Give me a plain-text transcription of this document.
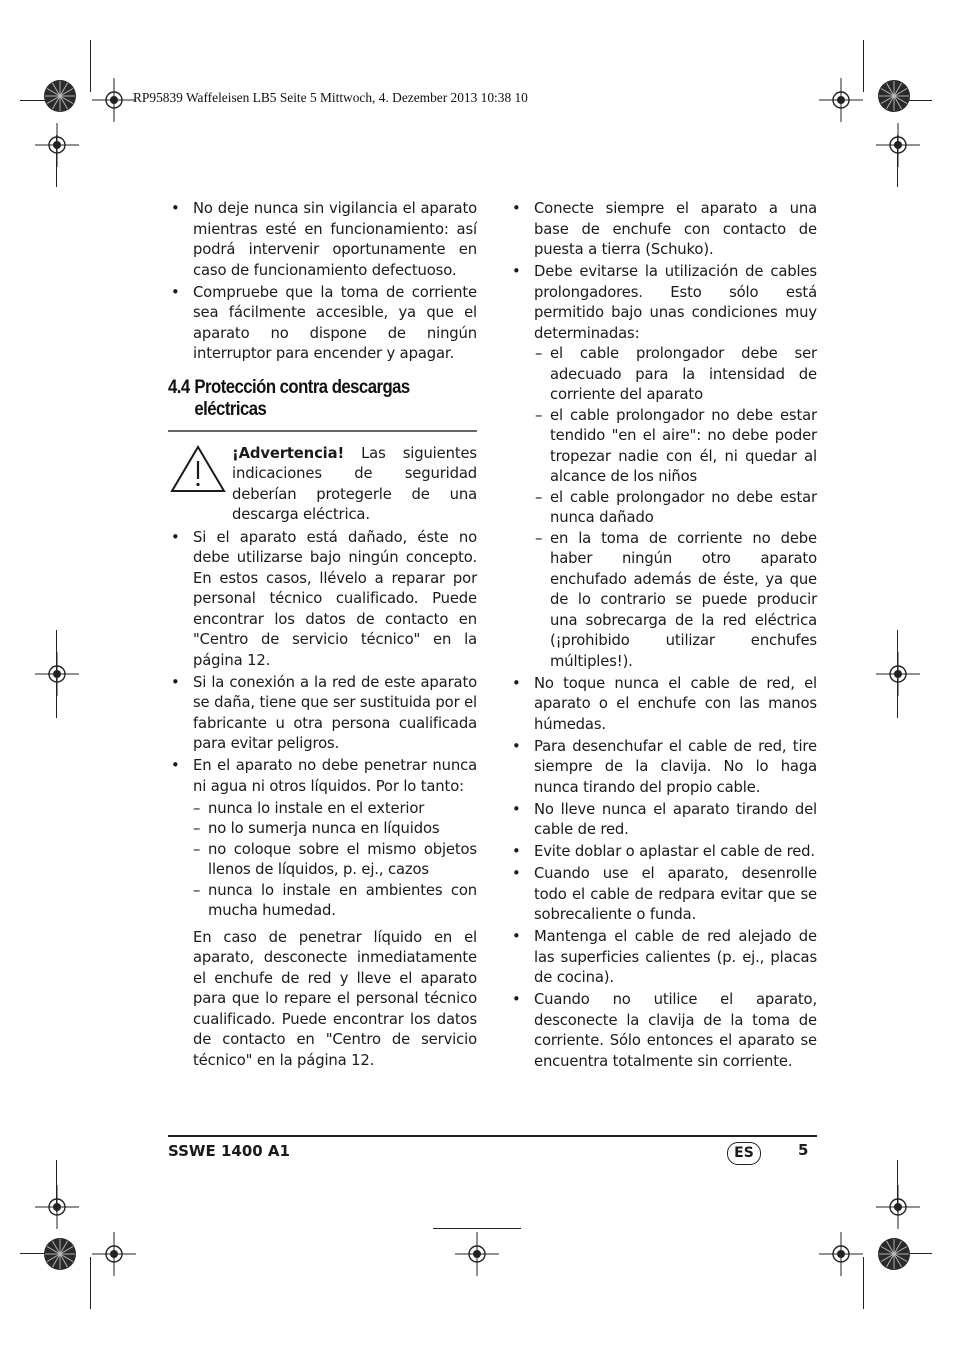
RP95839 Waffeleisen LB5 Seite 5 Mittwoch, 4. Dezember 2013 10:38 10
• No deje nunca sin vigilancia el aparato mientras esté en funcionamiento: así podrá intervenir oportunamente en caso de funcionamiento defectuoso.
• Compruebe que la toma de corriente sea fácilmente accesible, ya que el aparato no dispone de ningún interruptor para encender y apagar.
4.4 Protección contra descargas
eléctricas
¡Advertencia! Las siguientes indicaciones de seguridad deberían protegerle de una descarga eléctrica.
• Si el aparato está dañado, éste no debe utilizarse bajo ningún concepto. En estos casos, llévelo a reparar por personal técnico cualificado. Puede encontrar los datos de contacto en "Centro de servicio técnico" en la página 12.
• Si la conexión a la red de este aparato se daña, tiene que ser sustituida por el fabricante u otra persona cualificada para evitar peligros.
• En el aparato no debe penetrar nunca ni agua ni otros líquidos. Por lo tanto:
– nunca lo instale en el exterior
– no lo sumerja nunca en líquidos
– no coloque sobre el mismo objetos llenos de líquidos, p. ej., cazos
– nunca lo instale en ambientes con mucha humedad.
En caso de penetrar líquido en el aparato, desconecte inmediatamente el enchufe de red y lleve el aparato para que lo repare el personal técnico cualificado. Puede encontrar los datos de contacto en "Centro de servicio técnico" en la página 12.
• Conecte siempre el aparato a una base de enchufe con contacto de puesta a tierra (Schuko).
• Debe evitarse la utilización de cables prolongadores. Esto sólo está permitido bajo unas condiciones muy determinadas:
– el cable prolongador debe ser adecuado para la intensidad de corriente del aparato
– el cable prolongador no debe estar tendido "en el aire": no debe poder tropezar nadie con él, ni quedar al alcance de los niños
– el cable prolongador no debe estar nunca dañado
– en la toma de corriente no debe haber ningún otro aparato enchufado además de éste, ya que de lo contrario se puede producir una sobrecarga de la red eléctrica (¡prohibido utilizar enchufes múltiples!).
• No toque nunca el cable de red, el aparato o el enchufe con las manos húmedas.
• Para desenchufar el cable de red, tire siempre de la clavija. No lo haga nunca tirando del propio cable.
• No lleve nunca el aparato tirando del cable de red.
• Evite doblar o aplastar el cable de red.
• Cuando use el aparato, desenrolle todo el cable de redpara evitar que se sobrecaliente o funda.
• Mantenga el cable de red alejado de las superficies calientes (p. ej., placas de cocina).
• Cuando no utilice el aparato, desconecte la clavija de la toma de corriente. Sólo entonces el aparato se encuentra totalmente sin corriente.
SSWE 1400 A1	ES	5
